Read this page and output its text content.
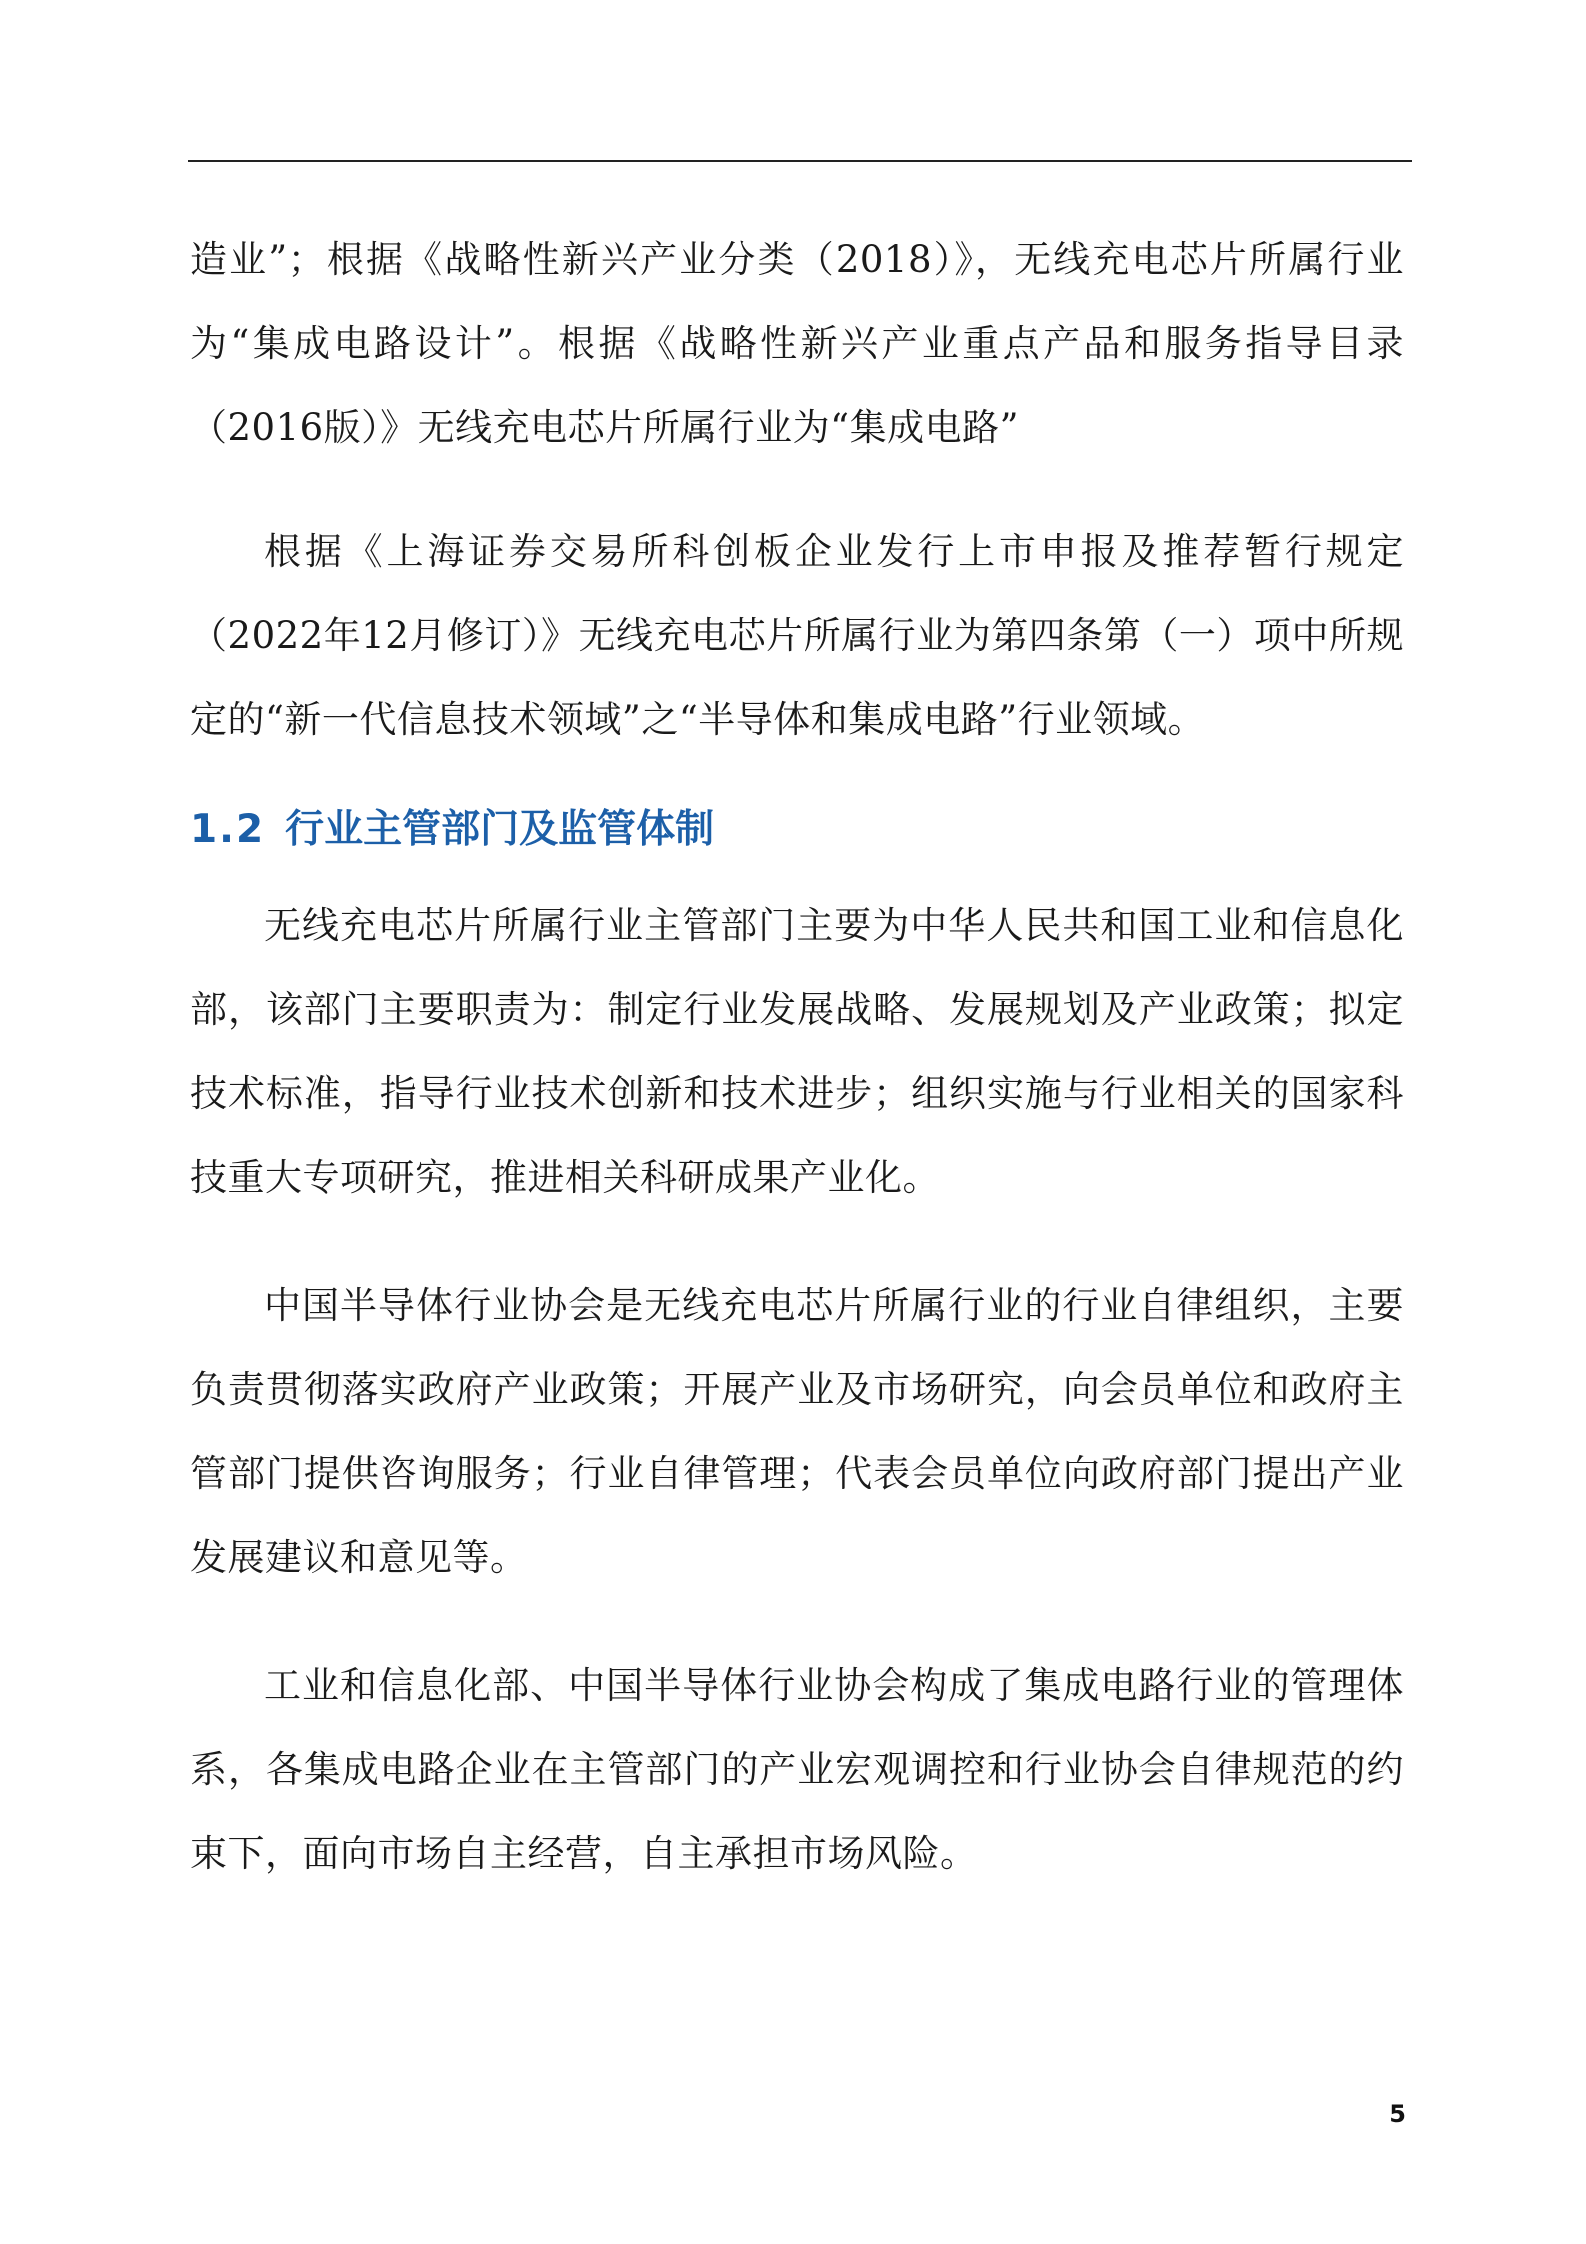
造业”；根据《战略性新兴产业分类（2018）》，无线充电芯片所属行业为“集成电路设计”。根据《战略性新兴产业重点产品和服务指导目录（2016版）》无线充电芯片所属行业为“集成电路”

根据《上海证券交易所科创板企业发行上市申报及推荐暂行规定（2022年12月修订）》无线充电芯片所属行业为第四条第（一）项中所规定的“新一代信息技术领域”之“半导体和集成电路”行业领域。

1.2 行业主管部门及监管体制

无线充电芯片所属行业主管部门主要为中华人民共和国工业和信息化部，该部门主要职责为：制定行业发展战略、发展规划及产业政策；拟定技术标准，指导行业技术创新和技术进步；组织实施与行业相关的国家科技重大专项研究，推进相关科研成果产业化。

中国半导体行业协会是无线充电芯片所属行业的行业自律组织，主要负责贯彻落实政府产业政策；开展产业及市场研究，向会员单位和政府主管部门提供咨询服务；行业自律管理；代表会员单位向政府部门提出产业发展建议和意见等。

工业和信息化部、中国半导体行业协会构成了集成电路行业的管理体系，各集成电路企业在主管部门的产业宏观调控和行业协会自律规范的约束下，面向市场自主经营，自主承担市场风险。

5
